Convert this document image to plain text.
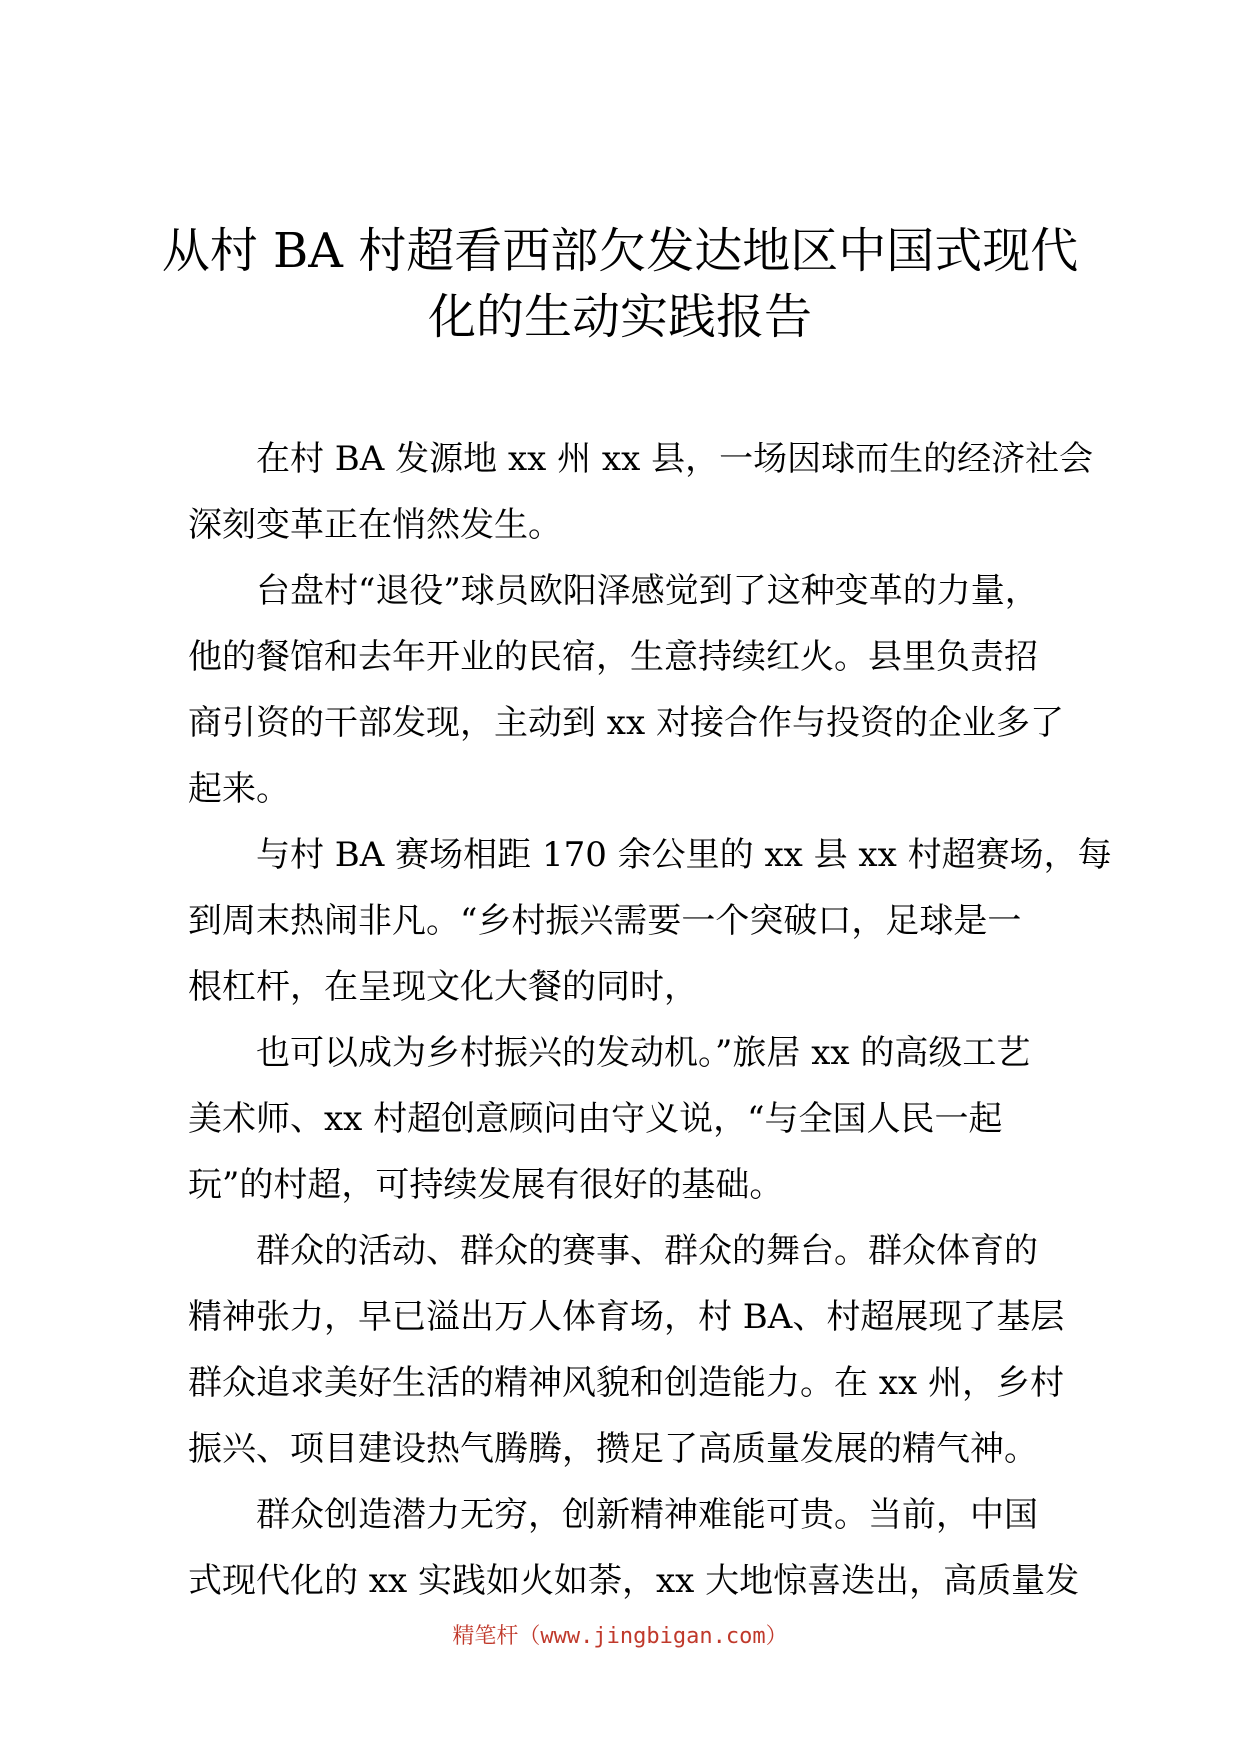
从村 BA 村超看西部欠发达地区中国式现代
化的生动实践报告

在村 BA 发源地 xx 州 xx 县，一场因球而生的经济社会
深刻变革正在悄然发生。

台盘村“退役”球员欧阳泽感觉到了这种变革的力量，
他的餐馆和去年开业的民宿，生意持续红火。县里负责招
商引资的干部发现，主动到 xx 对接合作与投资的企业多了
起来。

与村 BA 赛场相距 170 余公里的 xx 县 xx 村超赛场，每
到周末热闹非凡。“乡村振兴需要一个突破口，足球是一
根杠杆，在呈现文化大餐的同时，

也可以成为乡村振兴的发动机。”旅居 xx 的高级工艺
美术师、xx 村超创意顾问由守义说，“与全国人民一起
玩”的村超，可持续发展有很好的基础。

群众的活动、群众的赛事、群众的舞台。群众体育的
精神张力，早已溢出万人体育场，村 BA、村超展现了基层
群众追求美好生活的精神风貌和创造能力。在 xx 州，乡村
振兴、项目建设热气腾腾，攒足了高质量发展的精气神。

群众创造潜力无穷，创新精神难能可贵。当前，中国
式现代化的 xx 实践如火如荼，xx 大地惊喜迭出，高质量发

精笔杆（www.jingbigan.com）
